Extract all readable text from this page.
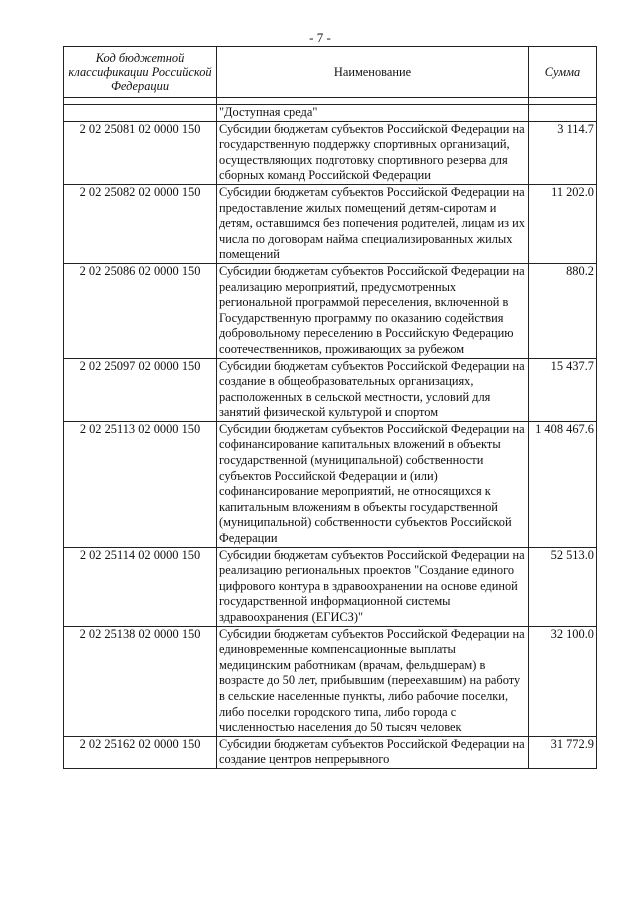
- 7 -
Код бюджетной классификации Российской Федерации	Наименование	Сумма

	"Доступная среда"	
2 02 25081 02 0000 150	Субсидии бюджетам субъектов Российской Федерации на государственную поддержку спортивных организаций, осуществляющих подготовку спортивного резерва для сборных команд Российской Федерации	3 114.7
2 02 25082 02 0000 150	Субсидии бюджетам субъектов Российской Федерации на предоставление жилых помещений детям-сиротам и детям, оставшимся без попечения родителей, лицам из их числа по договорам найма специализированных жилых помещений	11 202.0
2 02 25086 02 0000 150	Субсидии бюджетам субъектов Российской Федерации на реализацию мероприятий, предусмотренных региональной программой переселения, включенной в Государственную программу по оказанию содействия добровольному переселению в Российскую Федерацию соотечественников, проживающих за рубежом	880.2
2 02 25097 02 0000 150	Субсидии бюджетам субъектов Российской Федерации на создание в общеобразовательных организациях, расположенных в сельской местности, условий для занятий физической культурой и спортом	15 437.7
2 02 25113 02 0000 150	Субсидии бюджетам субъектов Российской Федерации на софинансирование капитальных вложений в объекты государственной (муниципальной) собственности субъектов Российской Федерации и (или) софинансирование мероприятий, не относящихся к капитальным вложениям в объекты государственной (муниципальной) собственности субъектов Российской Федерации	1 408 467.6
2 02 25114 02 0000 150	Субсидии бюджетам субъектов Российской Федерации на реализацию региональных проектов "Создание единого цифрового контура в здравоохранении на основе единой государственной информационной системы здравоохранения (ЕГИСЗ)"	52 513.0
2 02 25138 02 0000 150	Субсидии бюджетам субъектов Российской Федерации на единовременные компенсационные выплаты медицинским работникам (врачам, фельдшерам) в возрасте до 50 лет, прибывшим (переехавшим) на работу в сельские населенные пункты, либо рабочие поселки, либо поселки городского типа, либо города с численностью населения до 50 тысяч человек	32 100.0
2 02 25162 02 0000 150	Субсидии бюджетам субъектов Российской Федерации на создание центров непрерывного	31 772.9
